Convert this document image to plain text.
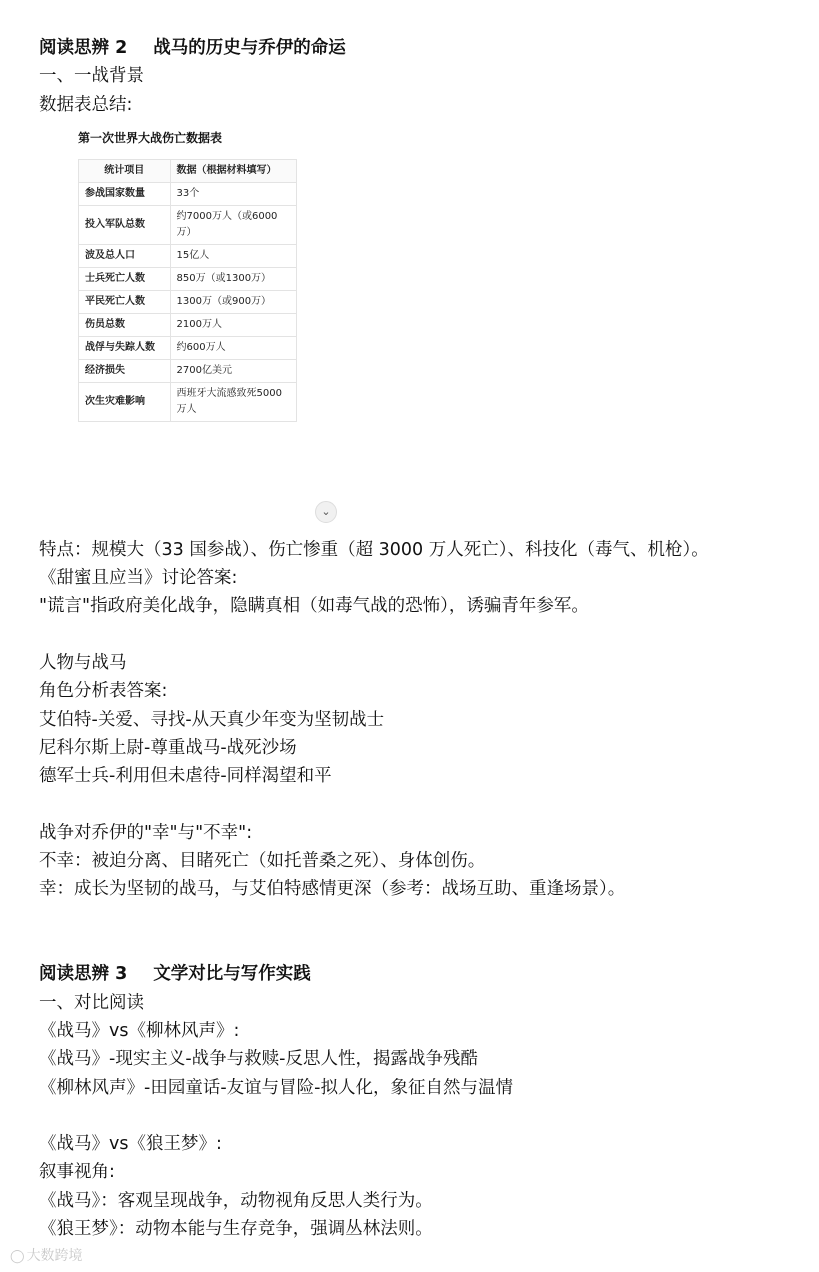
阅读思辨 2 战马的历史与乔伊的命运
一、一战背景
数据表总结:
第一次世界大战伤亡数据表
统计项目	数据（根据材料填写）
参战国家数量	33个
投入军队总数	约7000万人（或6000万）
波及总人口	15亿人
士兵死亡人数	850万（或1300万）
平民死亡人数	1300万（或900万）
伤员总数	2100万人
战俘与失踪人数	约600万人
经济损失	2700亿美元
次生灾难影响	西班牙大流感致死5000万人
⌄
特点：规模大（33 国参战）、伤亡惨重（超 3000 万人死亡）、科技化（毒气、机枪）。
《甜蜜且应当》讨论答案:
"谎言"指政府美化战争，隐瞒真相（如毒气战的恐怖），诱骗青年参军。
人物与战马
角色分析表答案:
艾伯特-关爱、寻找-从天真少年变为坚韧战士
尼科尔斯上尉-尊重战马-战死沙场
德军士兵-利用但未虐待-同样渴望和平
战争对乔伊的"幸"与"不幸":
不幸：被迫分离、目睹死亡（如托普桑之死）、身体创伤。
幸：成长为坚韧的战马，与艾伯特感情更深（参考：战场互助、重逢场景）。
阅读思辨 3 文学对比与写作实践
一、对比阅读
《战马》vs《柳林风声》:
《战马》-现实主义-战争与救赎-反思人性，揭露战争残酷
《柳林风声》-田园童话-友谊与冒险-拟人化，象征自然与温情
《战马》vs《狼王梦》:
叙事视角:
《战马》：客观呈现战争，动物视角反思人类行为。
《狼王梦》：动物本能与生存竞争，强调丛林法则。
◯ 大数跨境
